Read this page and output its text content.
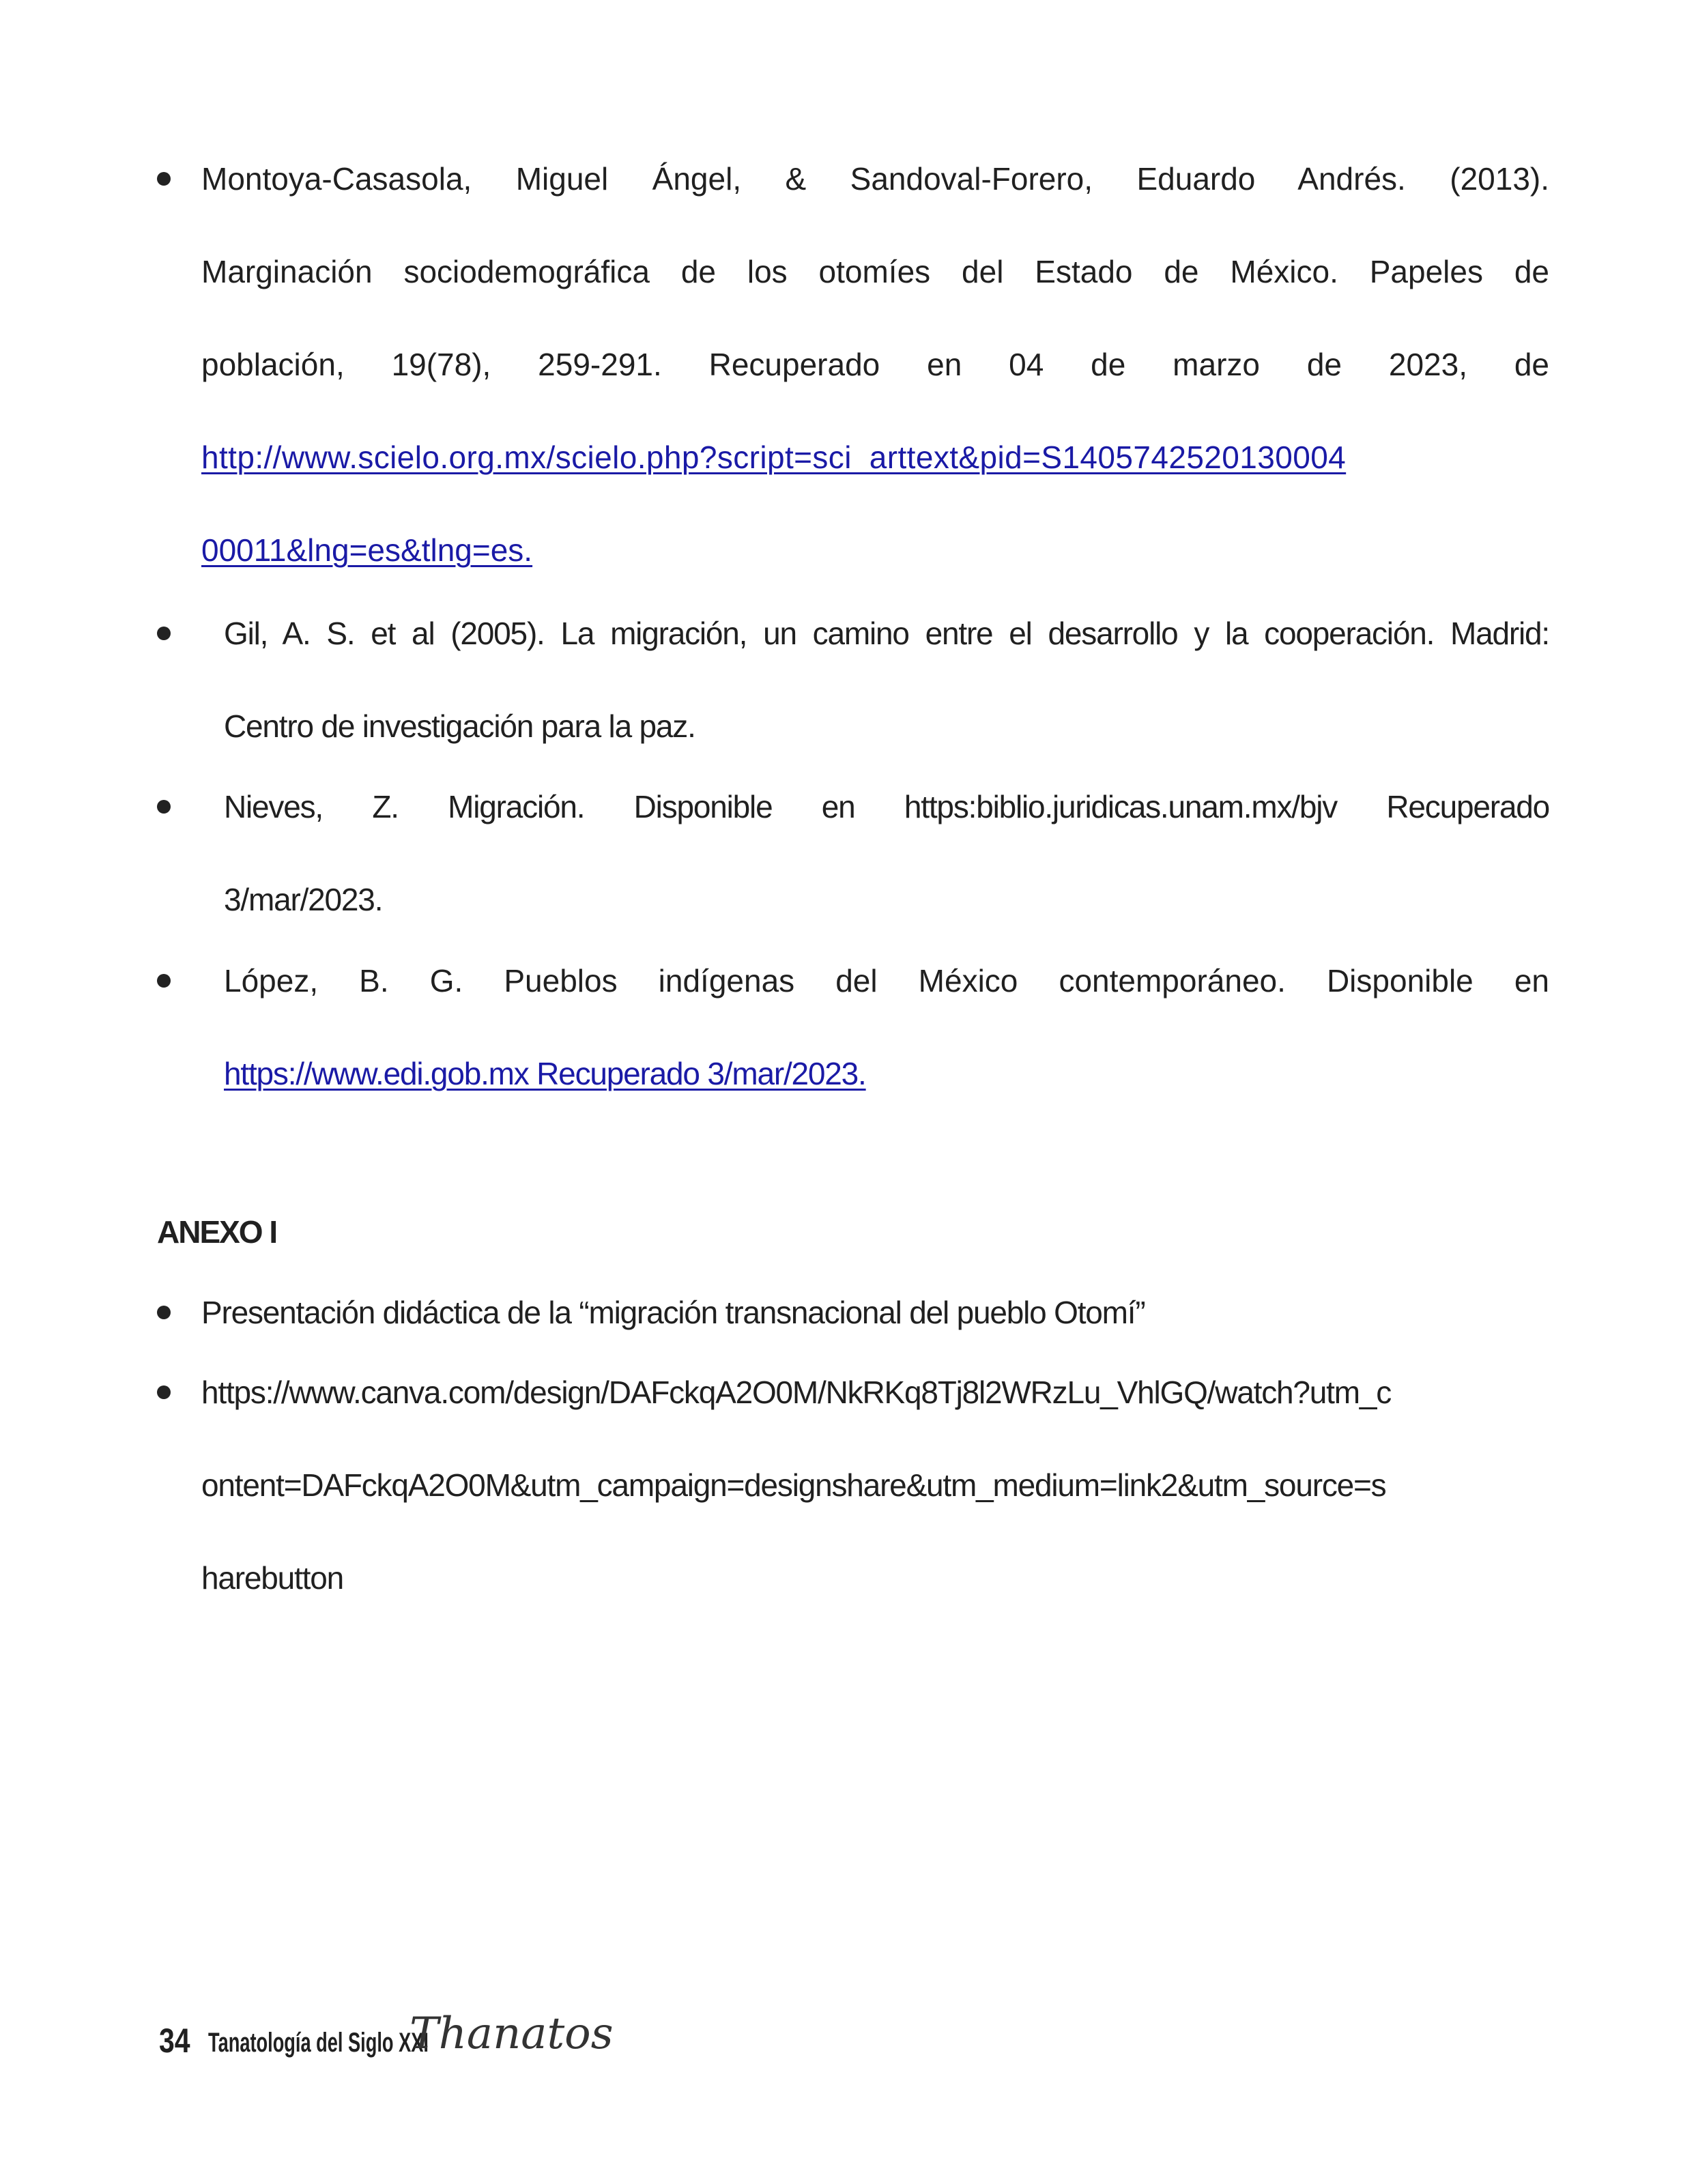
Montoya-Casasola, Miguel Ángel, & Sandoval-Forero, Eduardo Andrés. (2013).
Marginación sociodemográfica de los otomíes del Estado de México. Papeles de
población, 19(78), 259-291. Recuperado en 04 de marzo de 2023, de
http://www.scielo.org.mx/scielo.php?script=sci_arttext&pid=S1405742520130004
00011&lng=es&tlng=es.
Gil, A. S. et al (2005). La migración, un camino entre el desarrollo y la cooperación. Madrid:
Centro de investigación para la paz.
Nieves, Z. Migración. Disponible en https:biblio.juridicas.unam.mx/bjv Recuperado
3/mar/2023.
López, B. G. Pueblos indígenas del México contemporáneo. Disponible en
https://www.edi.gob.mx Recuperado 3/mar/2023.
ANEXO I
Presentación didáctica de la “migración transnacional del pueblo Otomí”
https://www.canva.com/design/DAFckqA2O0M/NkRKq8Tj8l2WRzLu_VhlGQ/watch?utm_c
ontent=DAFckqA2O0M&utm_campaign=designshare&utm_medium=link2&utm_source=s
harebutton
34 Tanatología del Siglo XXI
Thanatos
